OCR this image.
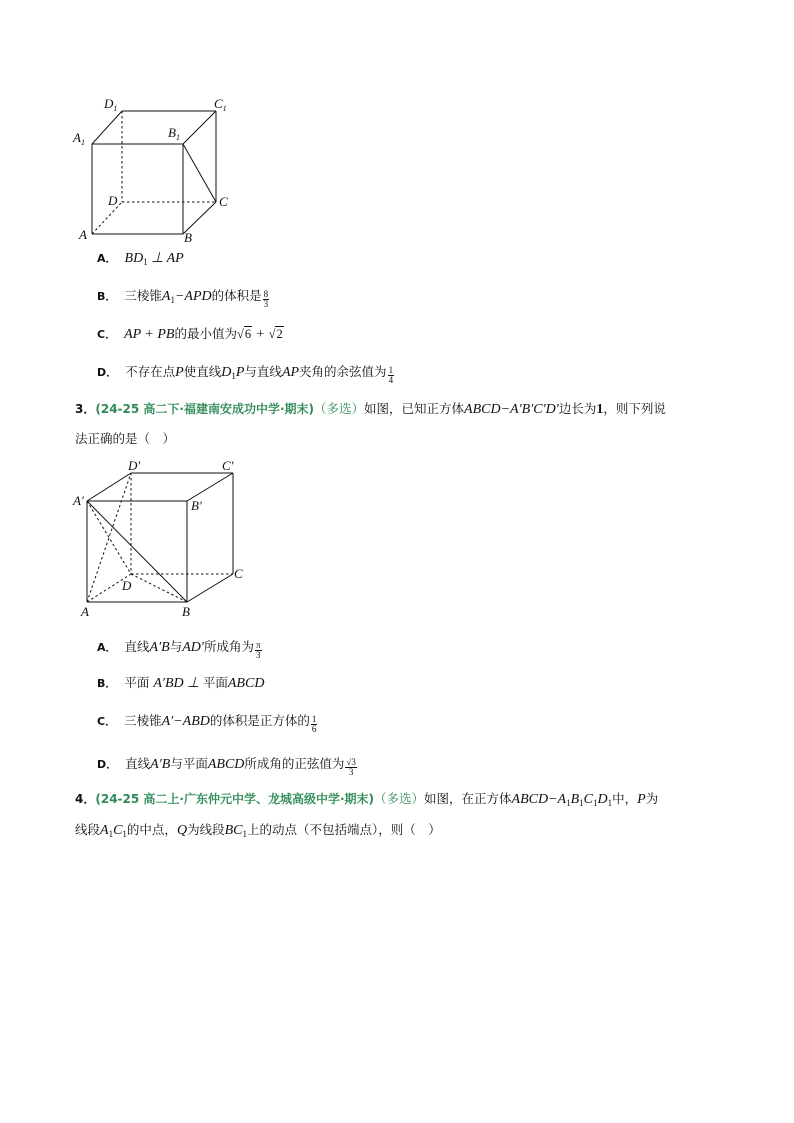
$D_1$	$C_1$
$A_1$
$B_1$
D	C
A	B
A． $BD_1$ ⊥ AP
B． 三棱锥$A_1-APD$的体积是 $\frac{8}{3}$
C． AP + PB的最小值为√6 + √2
D． 不存在点P使直线$D_1P$与直线AP夹角的余弦值为 $\frac{1}{4}$
3．(24-25 高二下·福建南安成功中学·期末)（多选）如图，已知正方体ABCD−A′B′C′D′边长为1，则下列说
法正确的是（　）
D′	C′
A′	B′
D
C
A	B
A． 直线A′B与AD′所成角为 $\frac{\pi}{3}$
B． 平面 A′BD ⊥ 平面ABCD
C． 三棱锥A′−ABD的体积是正方体的 $\frac{1}{6}$
D． 直线A′B与平面ABCD所成角的正弦值为 $\frac{√3}{3}$
4．(24-25 高二上·广东仲元中学、龙城高级中学·期末)（多选）如图，在正方体$ABCD-A_1B_1C_1D_1$中，P为
线段$A_1C_1$的中点，Q为线段$BC_1$上的动点（不包括端点），则（　）
